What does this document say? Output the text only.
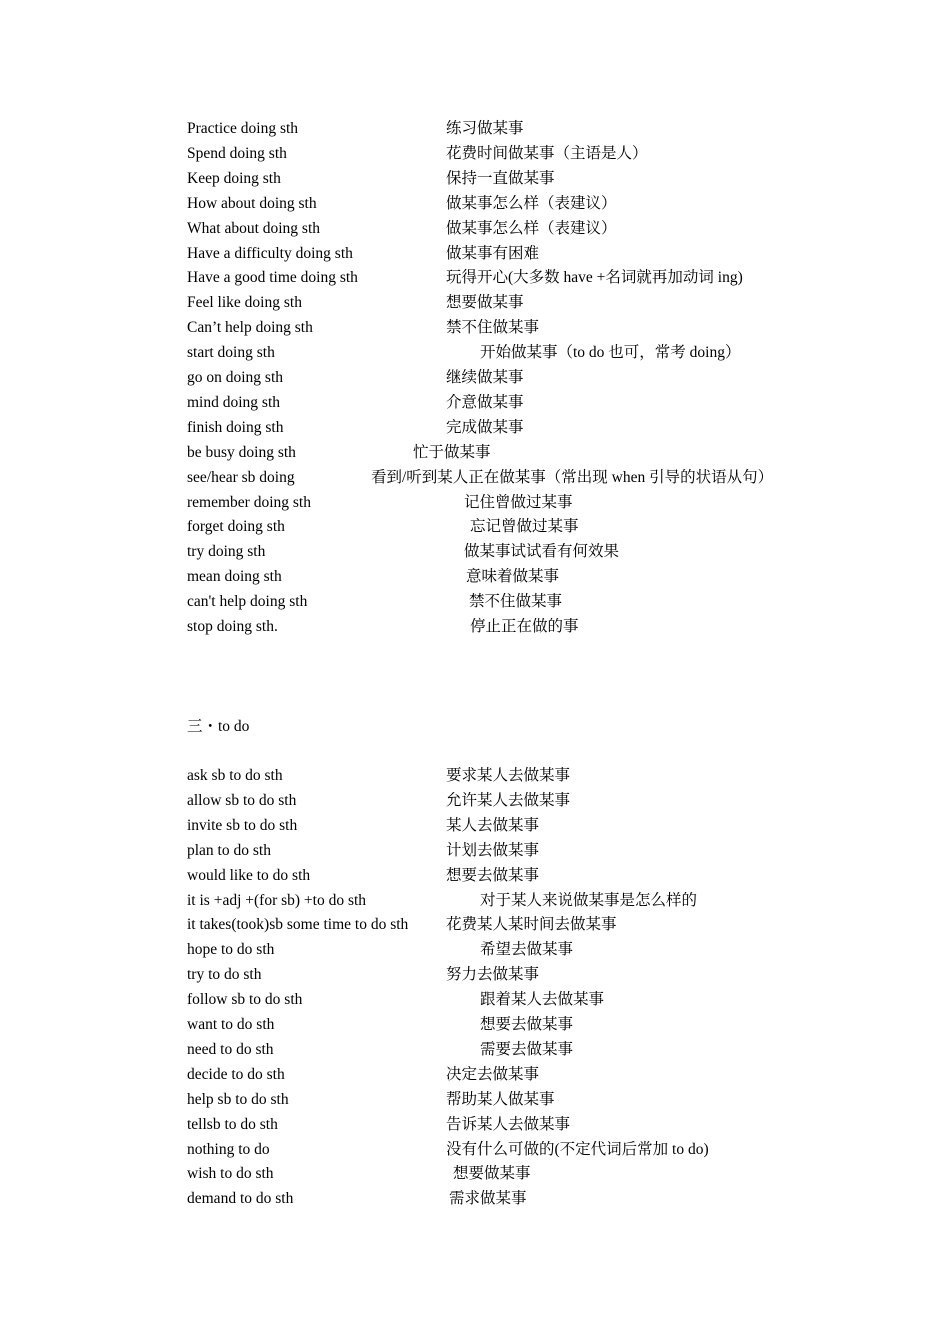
Practice doing sth	练习做某事
Spend doing sth	花费时间做某事（主语是人）
Keep doing sth	保持一直做某事
How about doing sth	做某事怎么样（表建议）
What about doing sth	做某事怎么样（表建议）
Have a difficulty doing sth	做某事有困难
Have a good time doing sth	玩得开心(大多数 have +名词就再加动词 ing)
Feel like doing sth	想要做某事
Can’t help doing sth	禁不住做某事
start doing sth	开始做某事（to do 也可，常考 doing）
go on doing sth	继续做某事
mind doing sth	介意做某事
finish doing sth	完成做某事
be busy doing sth	忙于做某事
see/hear sb doing	看到/听到某人正在做某事（常出现 when 引导的状语从句）
remember doing sth	记住曾做过某事
forget doing sth	忘记曾做过某事
try doing sth	做某事试试看有何效果
mean doing sth	意味着做某事
can't help doing sth	禁不住做某事
stop doing sth.	停止正在做的事
三・to do
ask sb to do sth	要求某人去做某事
allow sb to do sth	允许某人去做某事
invite sb to do sth	某人去做某事
plan to do sth	计划去做某事
would like to do sth	想要去做某事
it is +adj +(for sb) +to do sth	对于某人来说做某事是怎么样的
it takes(took)sb some time to do sth 花费某人某时间去做某事
hope to do sth	希望去做某事
try to do sth	努力去做某事
follow sb to do sth	跟着某人去做某事
want to do sth	想要去做某事
need to do sth	需要去做某事
decide to do sth	决定去做某事
help sb to do sth	帮助某人做某事
tellsb to do sth	告诉某人去做某事
nothing to do	没有什么可做的(不定代词后常加 to do)
wish to do sth	想要做某事
demand to do sth	需求做某事
